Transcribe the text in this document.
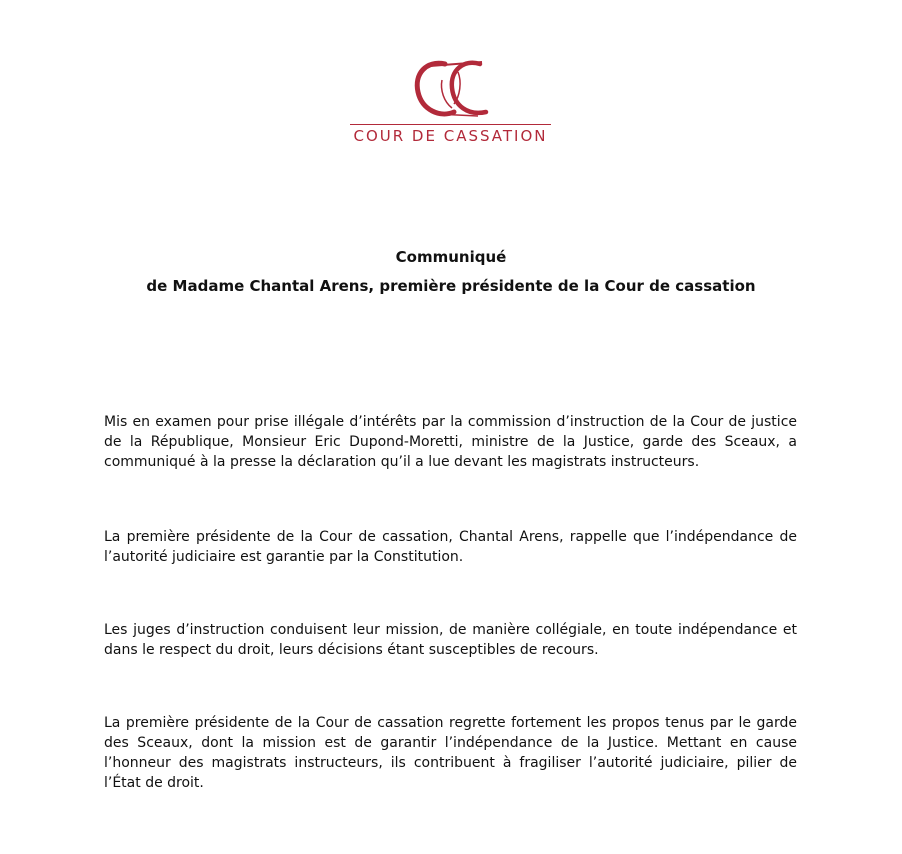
COUR DE CASSATION
Communiqué
de Madame Chantal Arens, première présidente de la Cour de cassation

Mis en examen pour prise illégale d’intérêts par la commission d’instruction de la Cour de justice de la République, Monsieur Eric Dupond-Moretti, ministre de la Justice, garde des Sceaux, a communiqué à la presse la déclaration qu’il a lue devant les magistrats instructeurs.

La première présidente de la Cour de cassation, Chantal Arens, rappelle que l’indépendance de l’autorité judiciaire est garantie par la Constitution.

Les juges d’instruction conduisent leur mission, de manière collégiale, en toute indépendance et dans le respect du droit, leurs décisions étant susceptibles de recours.

La première présidente de la Cour de cassation regrette fortement les propos tenus par le garde des Sceaux, dont la mission est de garantir l’indépendance de la Justice. Mettant en cause l’honneur des magistrats instructeurs, ils contribuent à fragiliser l’autorité judiciaire, pilier de l’État de droit.
